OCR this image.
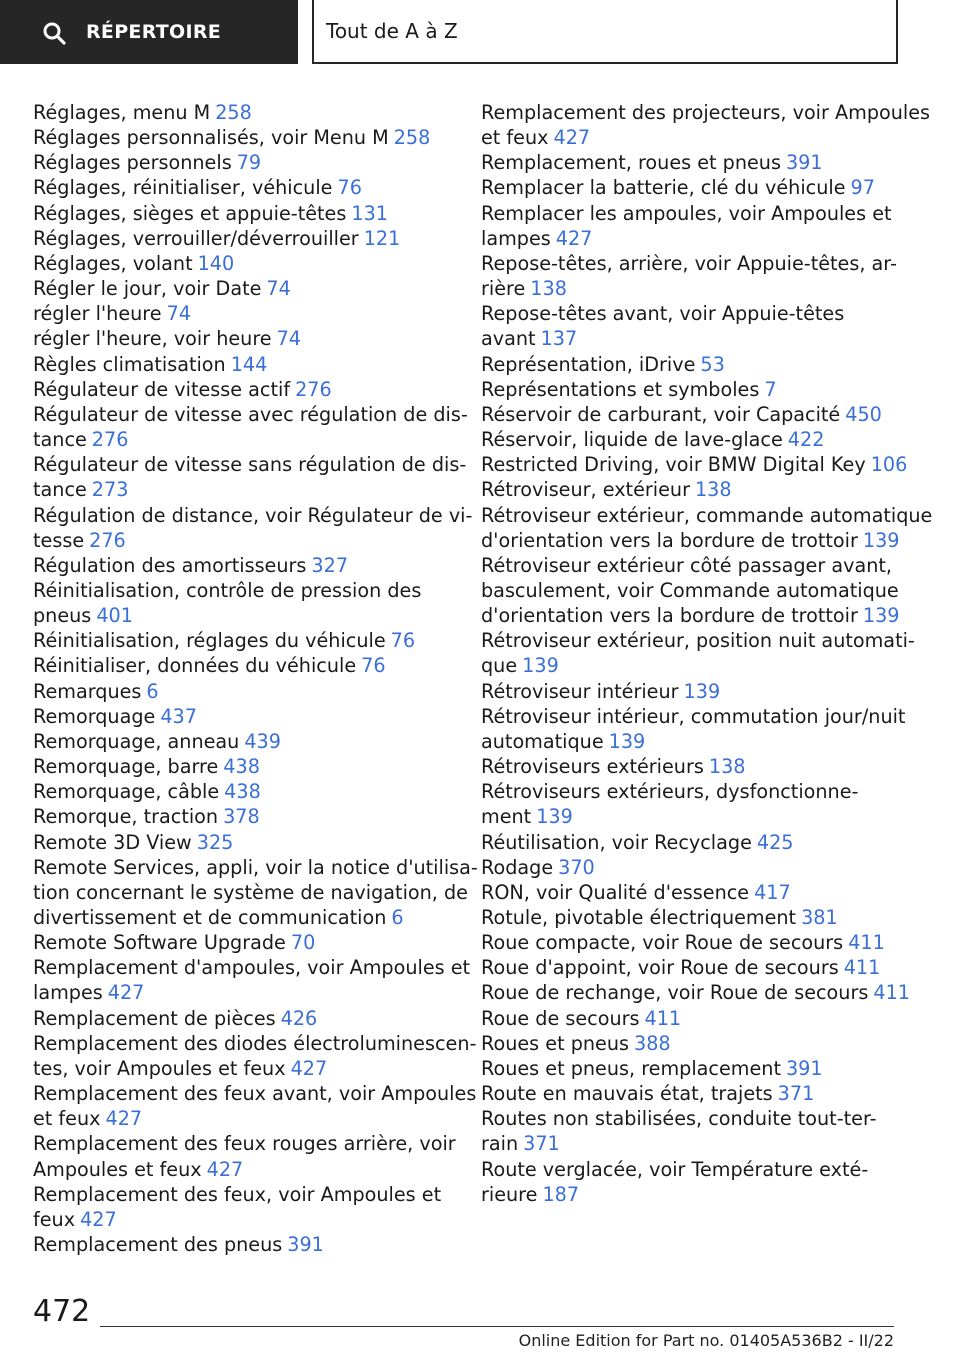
RÉPERTOIRE	Tout de A à Z
Réglages, menu M 258
Réglages personnalisés, voir Menu M 258
Réglages personnels 79
Réglages, réinitialiser, véhicule 76
Réglages, sièges et appuie-têtes 131
Réglages, verrouiller/déverrouiller 121
Réglages, volant 140
Régler le jour, voir Date 74
régler l'heure 74
régler l'heure, voir heure 74
Règles climatisation 144
Régulateur de vitesse actif 276
Régulateur de vitesse avec régulation de dis-
tance 276
Régulateur de vitesse sans régulation de dis-
tance 273
Régulation de distance, voir Régulateur de vi-
tesse 276
Régulation des amortisseurs 327
Réinitialisation, contrôle de pression des
pneus 401
Réinitialisation, réglages du véhicule 76
Réinitialiser, données du véhicule 76
Remarques 6
Remorquage 437
Remorquage, anneau 439
Remorquage, barre 438
Remorquage, câble 438
Remorque, traction 378
Remote 3D View 325
Remote Services, appli, voir la notice d'utilisa-
tion concernant le système de navigation, de
divertissement et de communication 6
Remote Software Upgrade 70
Remplacement d'ampoules, voir Ampoules et
lampes 427
Remplacement de pièces 426
Remplacement des diodes électroluminescen-
tes, voir Ampoules et feux 427
Remplacement des feux avant, voir Ampoules
et feux 427
Remplacement des feux rouges arrière, voir
Ampoules et feux 427
Remplacement des feux, voir Ampoules et
feux 427
Remplacement des pneus 391
Remplacement des projecteurs, voir Ampoules
et feux 427
Remplacement, roues et pneus 391
Remplacer la batterie, clé du véhicule 97
Remplacer les ampoules, voir Ampoules et
lampes 427
Repose-têtes, arrière, voir Appuie-têtes, ar-
rière 138
Repose-têtes avant, voir Appuie-têtes
avant 137
Représentation, iDrive 53
Représentations et symboles 7
Réservoir de carburant, voir Capacité 450
Réservoir, liquide de lave-glace 422
Restricted Driving, voir BMW Digital Key 106
Rétroviseur, extérieur 138
Rétroviseur extérieur, commande automatique
d'orientation vers la bordure de trottoir 139
Rétroviseur extérieur côté passager avant,
basculement, voir Commande automatique
d'orientation vers la bordure de trottoir 139
Rétroviseur extérieur, position nuit automati-
que 139
Rétroviseur intérieur 139
Rétroviseur intérieur, commutation jour/nuit
automatique 139
Rétroviseurs extérieurs 138
Rétroviseurs extérieurs, dysfonctionne-
ment 139
Réutilisation, voir Recyclage 425
Rodage 370
RON, voir Qualité d'essence 417
Rotule, pivotable électriquement 381
Roue compacte, voir Roue de secours 411
Roue d'appoint, voir Roue de secours 411
Roue de rechange, voir Roue de secours 411
Roue de secours 411
Roues et pneus 388
Roues et pneus, remplacement 391
Route en mauvais état, trajets 371
Routes non stabilisées, conduite tout-ter-
rain 371
Route verglacée, voir Température exté-
rieure 187
472
Online Edition for Part no. 01405A536B2 - II/22
